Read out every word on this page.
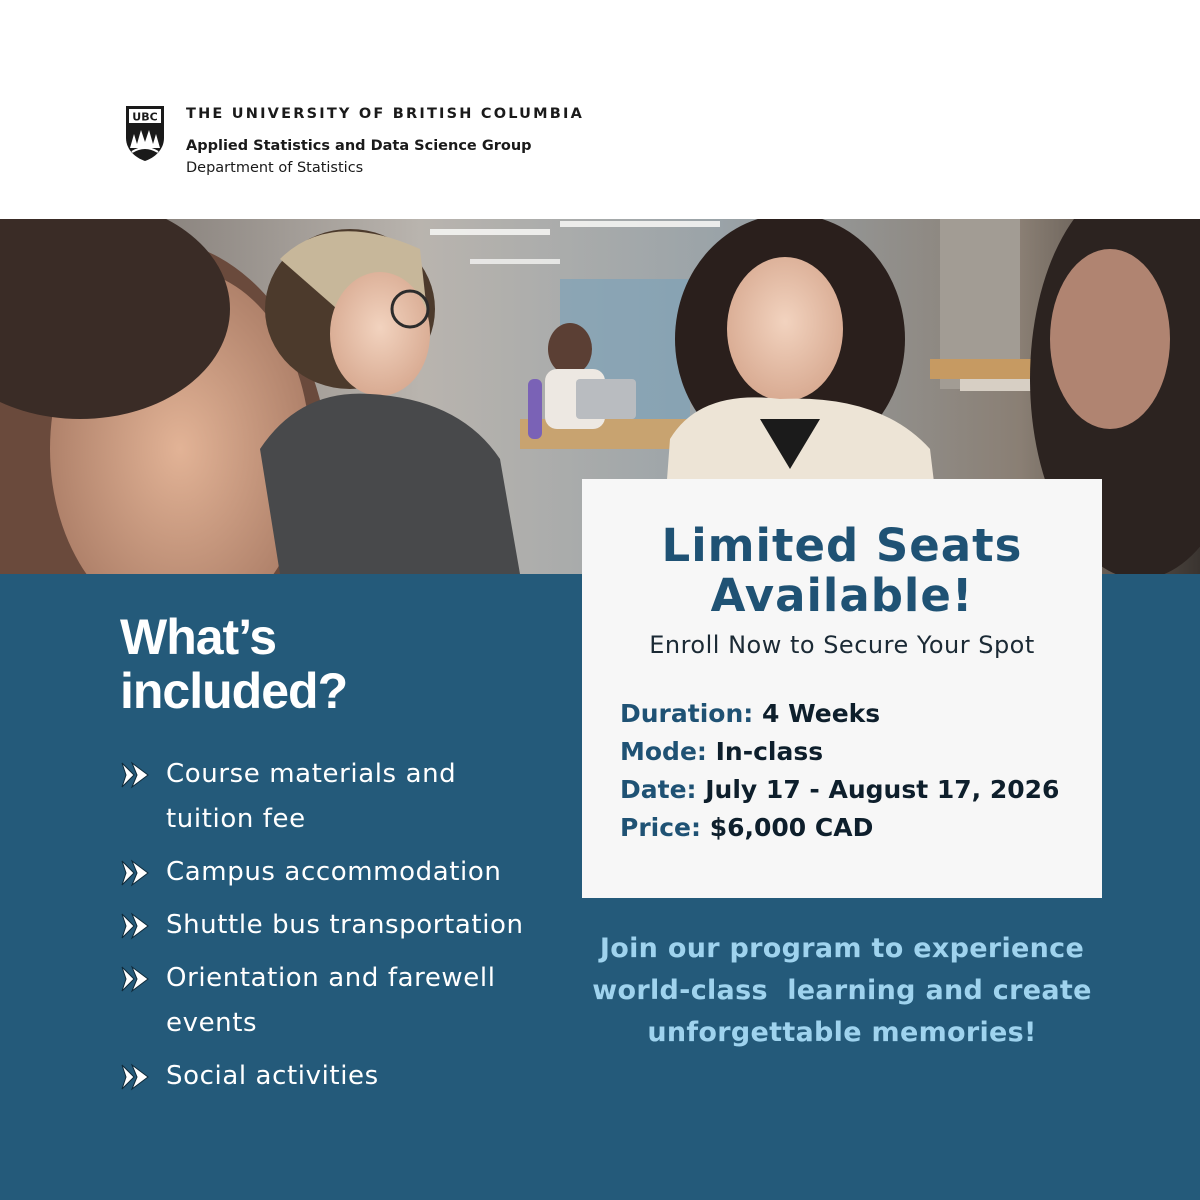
UBC THE UNIVERSITY OF BRITISH COLUMBIA
Applied Statistics and Data Science Group
Department of Statistics
What’s
included?
Course materials and
tuition fee
Campus accommodation
Shuttle bus transportation
Orientation and farewell
events
Social activities
Limited Seats
Available!
Enroll Now to Secure Your Spot
Duration: 4 Weeks
Mode: In-class
Date: July 17 - August 17, 2026
Price: $6,000 CAD
Join our program to experience
world-class  learning and create
unforgettable memories!
